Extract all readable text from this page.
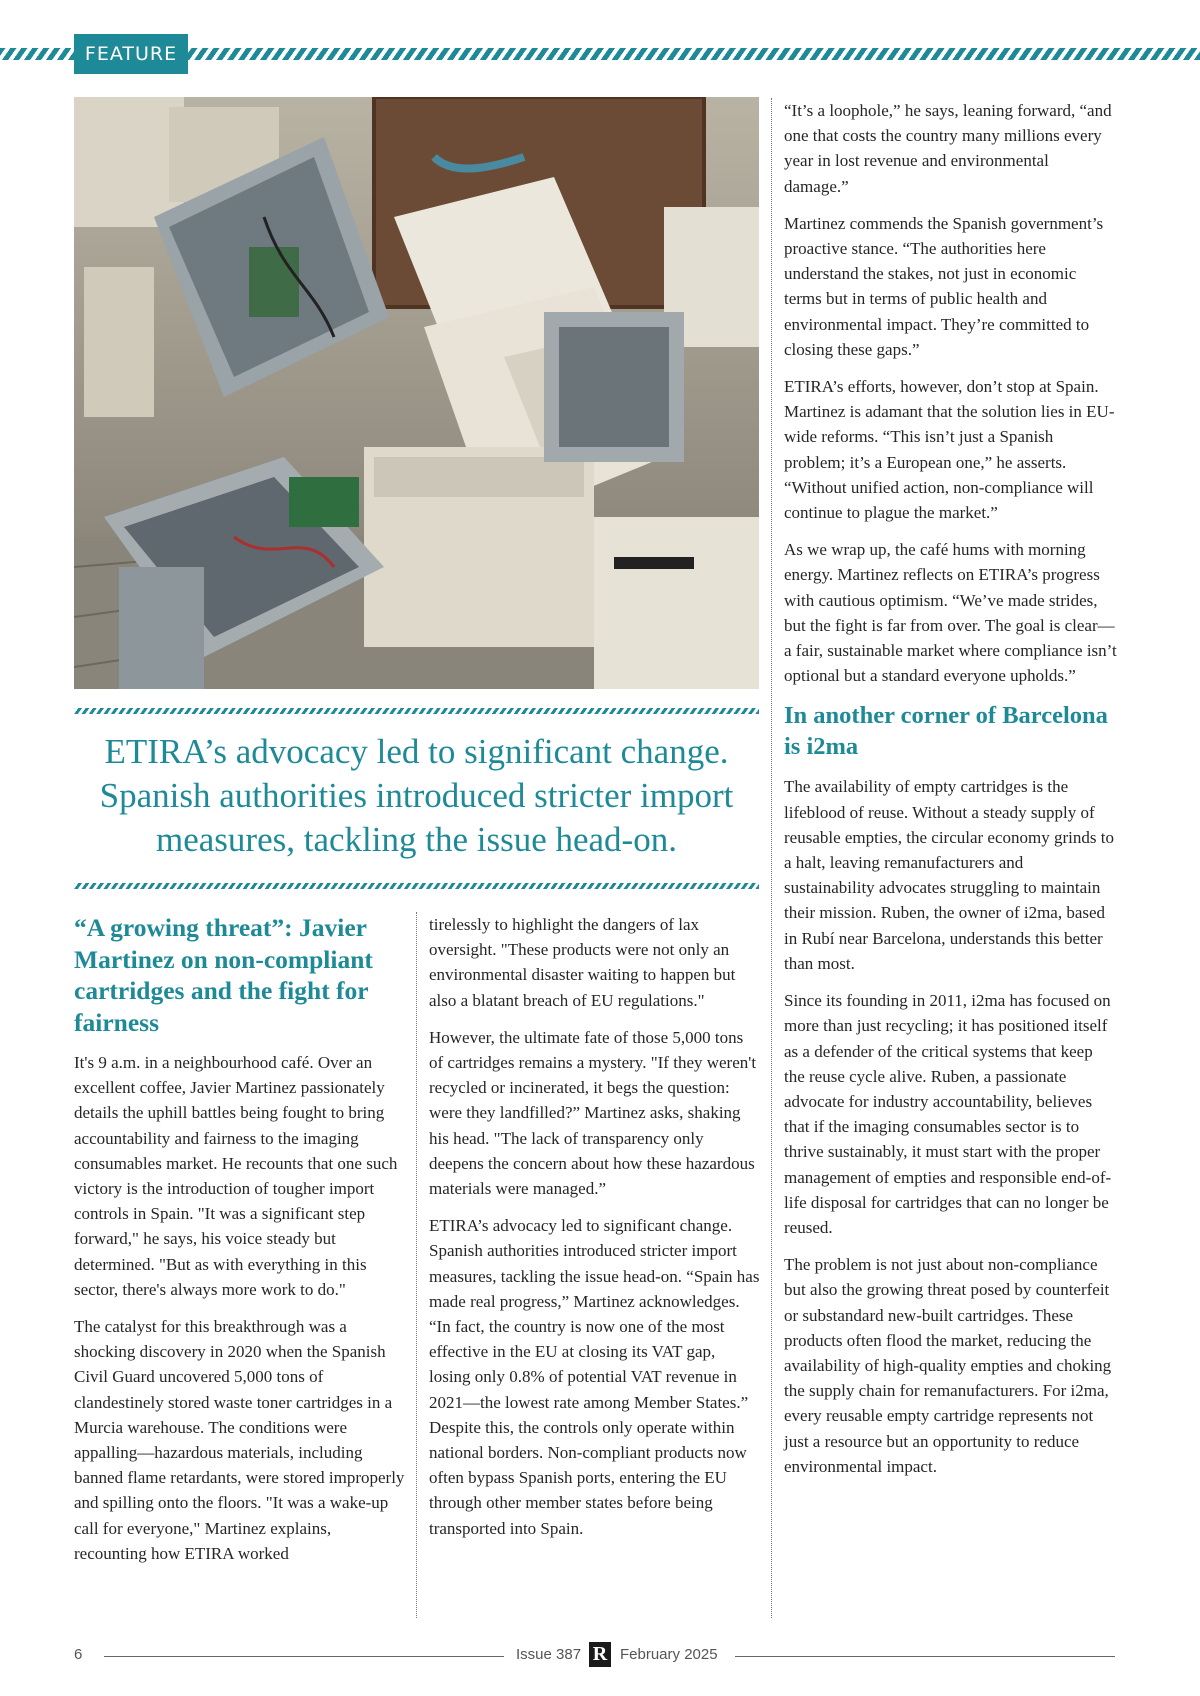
FEATURE
ETIRA’s advocacy led to significant change. Spanish authorities introduced stricter import measures, tackling the issue head-on.
“A growing threat”: Javier Martinez on non-compliant cartridges and the fight for fairness

It's 9 a.m. in a neighbourhood café. Over an excellent coffee, Javier Martinez passionately details the uphill battles being fought to bring accountability and fairness to the imaging consumables market. He recounts that one such victory is the introduction of tougher import controls in Spain. "It was a significant step forward," he says, his voice steady but determined. "But as with everything in this sector, there's always more work to do."

The catalyst for this breakthrough was a shocking discovery in 2020 when the Spanish Civil Guard uncovered 5,000 tons of clandestinely stored waste toner cartridges in a Murcia warehouse. The conditions were appalling—hazardous materials, including banned flame retardants, were stored improperly and spilling onto the floors. "It was a wake-up call for everyone," Martinez explains, recounting how ETIRA worked

tirelessly to highlight the dangers of lax oversight. "These products were not only an environmental disaster waiting to happen but also a blatant breach of EU regulations."

However, the ultimate fate of those 5,000 tons of cartridges remains a mystery. "If they weren't recycled or incinerated, it begs the question: were they landfilled?” Martinez asks, shaking his head. "The lack of transparency only deepens the concern about how these hazardous materials were managed.”

ETIRA’s advocacy led to significant change. Spanish authorities introduced stricter import measures, tackling the issue head-on. “Spain has made real progress,” Martinez acknowledges. “In fact, the country is now one of the most effective in the EU at closing its VAT gap, losing only 0.8% of potential VAT revenue in 2021—the lowest rate among Member States.” Despite this, the controls only operate within national borders. Non-compliant products now often bypass Spanish ports, entering the EU through other member states before being transported into Spain.

“It’s a loophole,” he says, leaning forward, “and one that costs the country many millions every year in lost revenue and environmental damage.”

Martinez commends the Spanish government’s proactive stance. “The authorities here understand the stakes, not just in economic terms but in terms of public health and environmental impact. They’re committed to closing these gaps.”

ETIRA’s efforts, however, don’t stop at Spain. Martinez is adamant that the solution lies in EU-wide reforms. “This isn’t just a Spanish problem; it’s a European one,” he asserts. “Without unified action, non-compliance will continue to plague the market.”

As we wrap up, the café hums with morning energy. Martinez reflects on ETIRA’s progress with cautious optimism. “We’ve made strides, but the fight is far from over. The goal is clear—a fair, sustainable market where compliance isn’t optional but a standard everyone upholds.”

In another corner of Barcelona is i2ma

The availability of empty cartridges is the lifeblood of reuse. Without a steady supply of reusable empties, the circular economy grinds to a halt, leaving remanufacturers and sustainability advocates struggling to maintain their mission. Ruben, the owner of i2ma, based in Rubí near Barcelona, understands this better than most.

Since its founding in 2011, i2ma has focused on more than just recycling; it has positioned itself as a defender of the critical systems that keep the reuse cycle alive. Ruben, a passionate advocate for industry accountability, believes that if the imaging consumables sector is to thrive sustainably, it must start with the proper management of empties and responsible end-of-life disposal for cartridges that can no longer be reused.

The problem is not just about non-compliance but also the growing threat posed by counterfeit or substandard new-built cartridges. These products often flood the market, reducing the availability of high-quality empties and choking the supply chain for remanufacturers. For i2ma, every reusable empty cartridge represents not just a resource but an opportunity to reduce environmental impact.

6	Issue 387 R February 2025
